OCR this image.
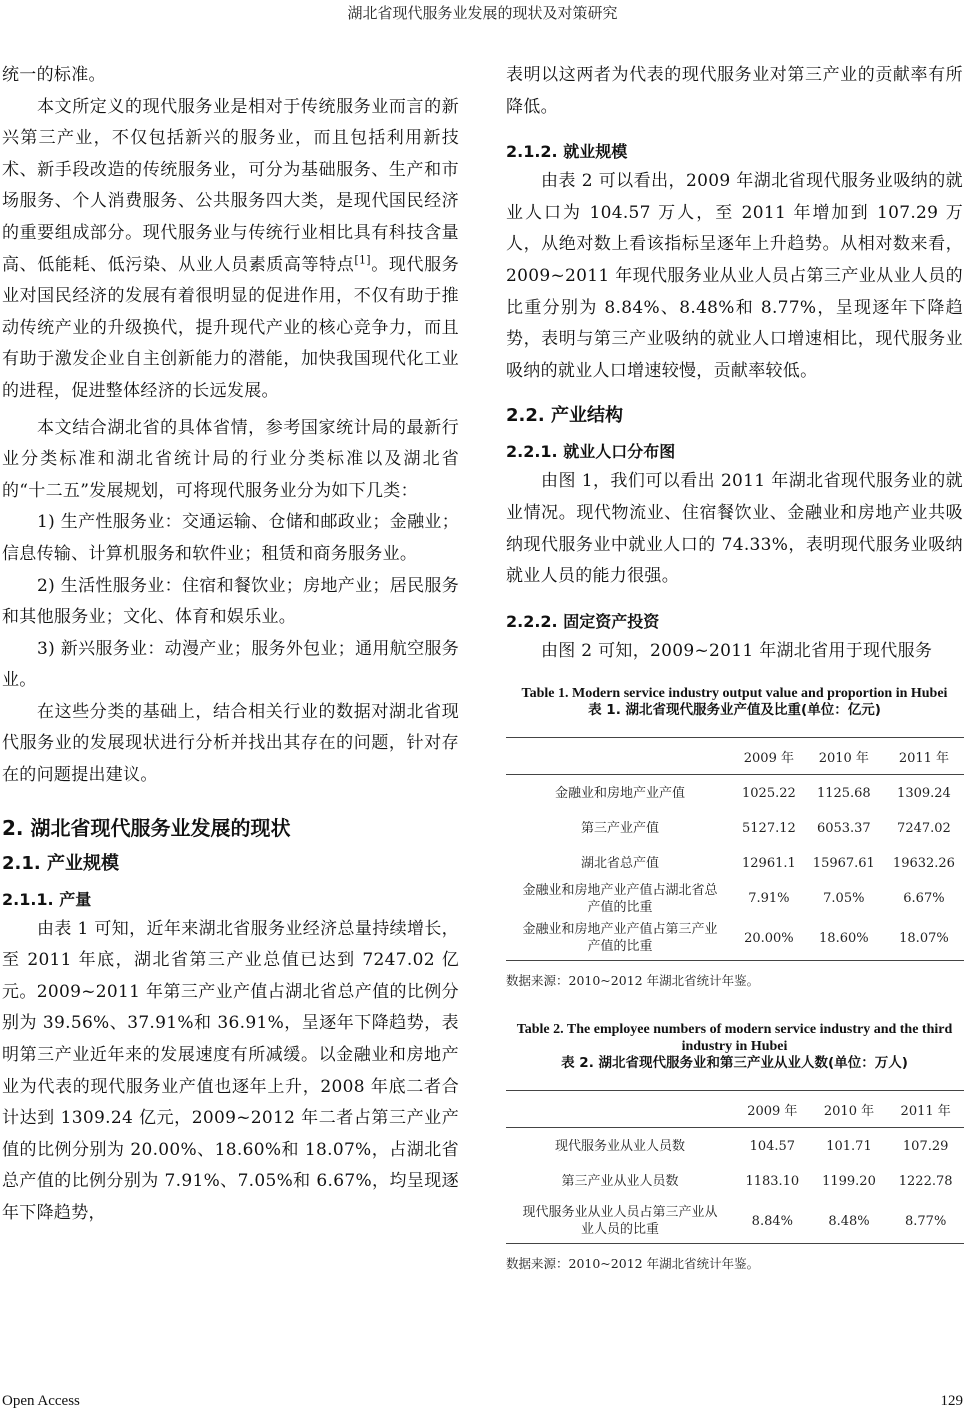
湖北省现代服务业发展的现状及对策研究

统一的标准。

本文所定义的现代服务业是相对于传统服务业而言的新兴第三产业，不仅包括新兴的服务业，而且包括利用新技术、新手段改造的传统服务业，可分为基础服务、生产和市场服务、个人消费服务、公共服务四大类，是现代国民经济的重要组成部分。现代服务业与传统行业相比具有科技含量高、低能耗、低污染、从业人员素质高等特点[1]。现代服务业对国民经济的发展有着很明显的促进作用，不仅有助于推动传统产业的升级换代，提升现代产业的核心竞争力，而且有助于激发企业自主创新能力的潜能，加快我国现代化工业的进程，促进整体经济的长远发展。

本文结合湖北省的具体省情，参考国家统计局的最新行业分类标准和湖北省统计局的行业分类标准以及湖北省的“十二五”发展规划，可将现代服务业分为如下几类：

1) 生产性服务业：交通运输、仓储和邮政业；金融业；信息传输、计算机服务和软件业；租赁和商务服务业。

2) 生活性服务业：住宿和餐饮业；房地产业；居民服务和其他服务业；文化、体育和娱乐业。

3) 新兴服务业：动漫产业；服务外包业；通用航空服务业。

在这些分类的基础上，结合相关行业的数据对湖北省现代服务业的发展现状进行分析并找出其存在的问题，针对存在的问题提出建议。

2. 湖北省现代服务业发展的现状
2.1. 产业规模
2.1.1. 产量

由表 1 可知，近年来湖北省服务业经济总量持续增长，至 2011 年底，湖北省第三产业总值已达到 7247.02 亿元。2009~2011 年第三产业产值占湖北省总产值的比例分别为 39.56%、37.91%和 36.91%，呈逐年下降趋势，表明第三产业近年来的发展速度有所减缓。以金融业和房地产业为代表的现代服务业产值也逐年上升，2008 年底二者合计达到 1309.24 亿元，2009~2012 年二者占第三产业产值的比例分别为 20.00%、18.60%和 18.07%，占湖北省总产值的比例分别为 7.91%、7.05%和 6.67%，均呈现逐年下降趋势，

表明以这两者为代表的现代服务业对第三产业的贡献率有所降低。

2.1.2. 就业规模

由表 2 可以看出，2009 年湖北省现代服务业吸纳的就业人口为 104.57 万人，至 2011 年增加到 107.29 万人，从绝对数上看该指标呈逐年上升趋势。从相对数来看，2009~2011 年现代服务业从业人员占第三产业从业人员的比重分别为 8.84%、8.48%和 8.77%，呈现逐年下降趋势，表明与第三产业吸纳的就业人口增速相比，现代服务业吸纳的就业人口增速较慢，贡献率较低。

2.2. 产业结构
2.2.1. 就业人口分布图

由图 1，我们可以看出 2011 年湖北省现代服务业的就业情况。现代物流业、住宿餐饮业、金融业和房地产业共吸纳现代服务业中就业人口的 74.33%，表明现代服务业吸纳就业人员的能力很强。

2.2.2. 固定资产投资

由图 2 可知，2009~2011 年湖北省用于现代服务

Table 1. Modern service industry output value and proportion in Hubei
表 1. 湖北省现代服务业产值及比重(单位：亿元)
	2009 年	2010 年	2011 年
金融业和房地产业产值	1025.22	1125.68	1309.24
第三产业产值	5127.12	6053.37	7247.02
湖北省总产值	12961.1	15967.61	19632.26
金融业和房地产业产值占湖北省总产值的比重	7.91%	7.05%	6.67%
金融业和房地产业产值占第三产业产值的比重	20.00%	18.60%	18.07%
数据来源：2010~2012 年湖北省统计年鉴。
Table 2. The employee numbers of modern service industry and the third industry in Hubei
表 2. 湖北省现代服务业和第三产业从业人数(单位：万人)
	2009 年	2010 年	2011 年
现代服务业从业人员数	104.57	101.71	107.29
第三产业从业人员数	1183.10	1199.20	1222.78
现代服务业从业人员占第三产业从业人员的比重	8.84%	8.48%	8.77%
数据来源：2010~2012 年湖北省统计年鉴。
Open Access	129
